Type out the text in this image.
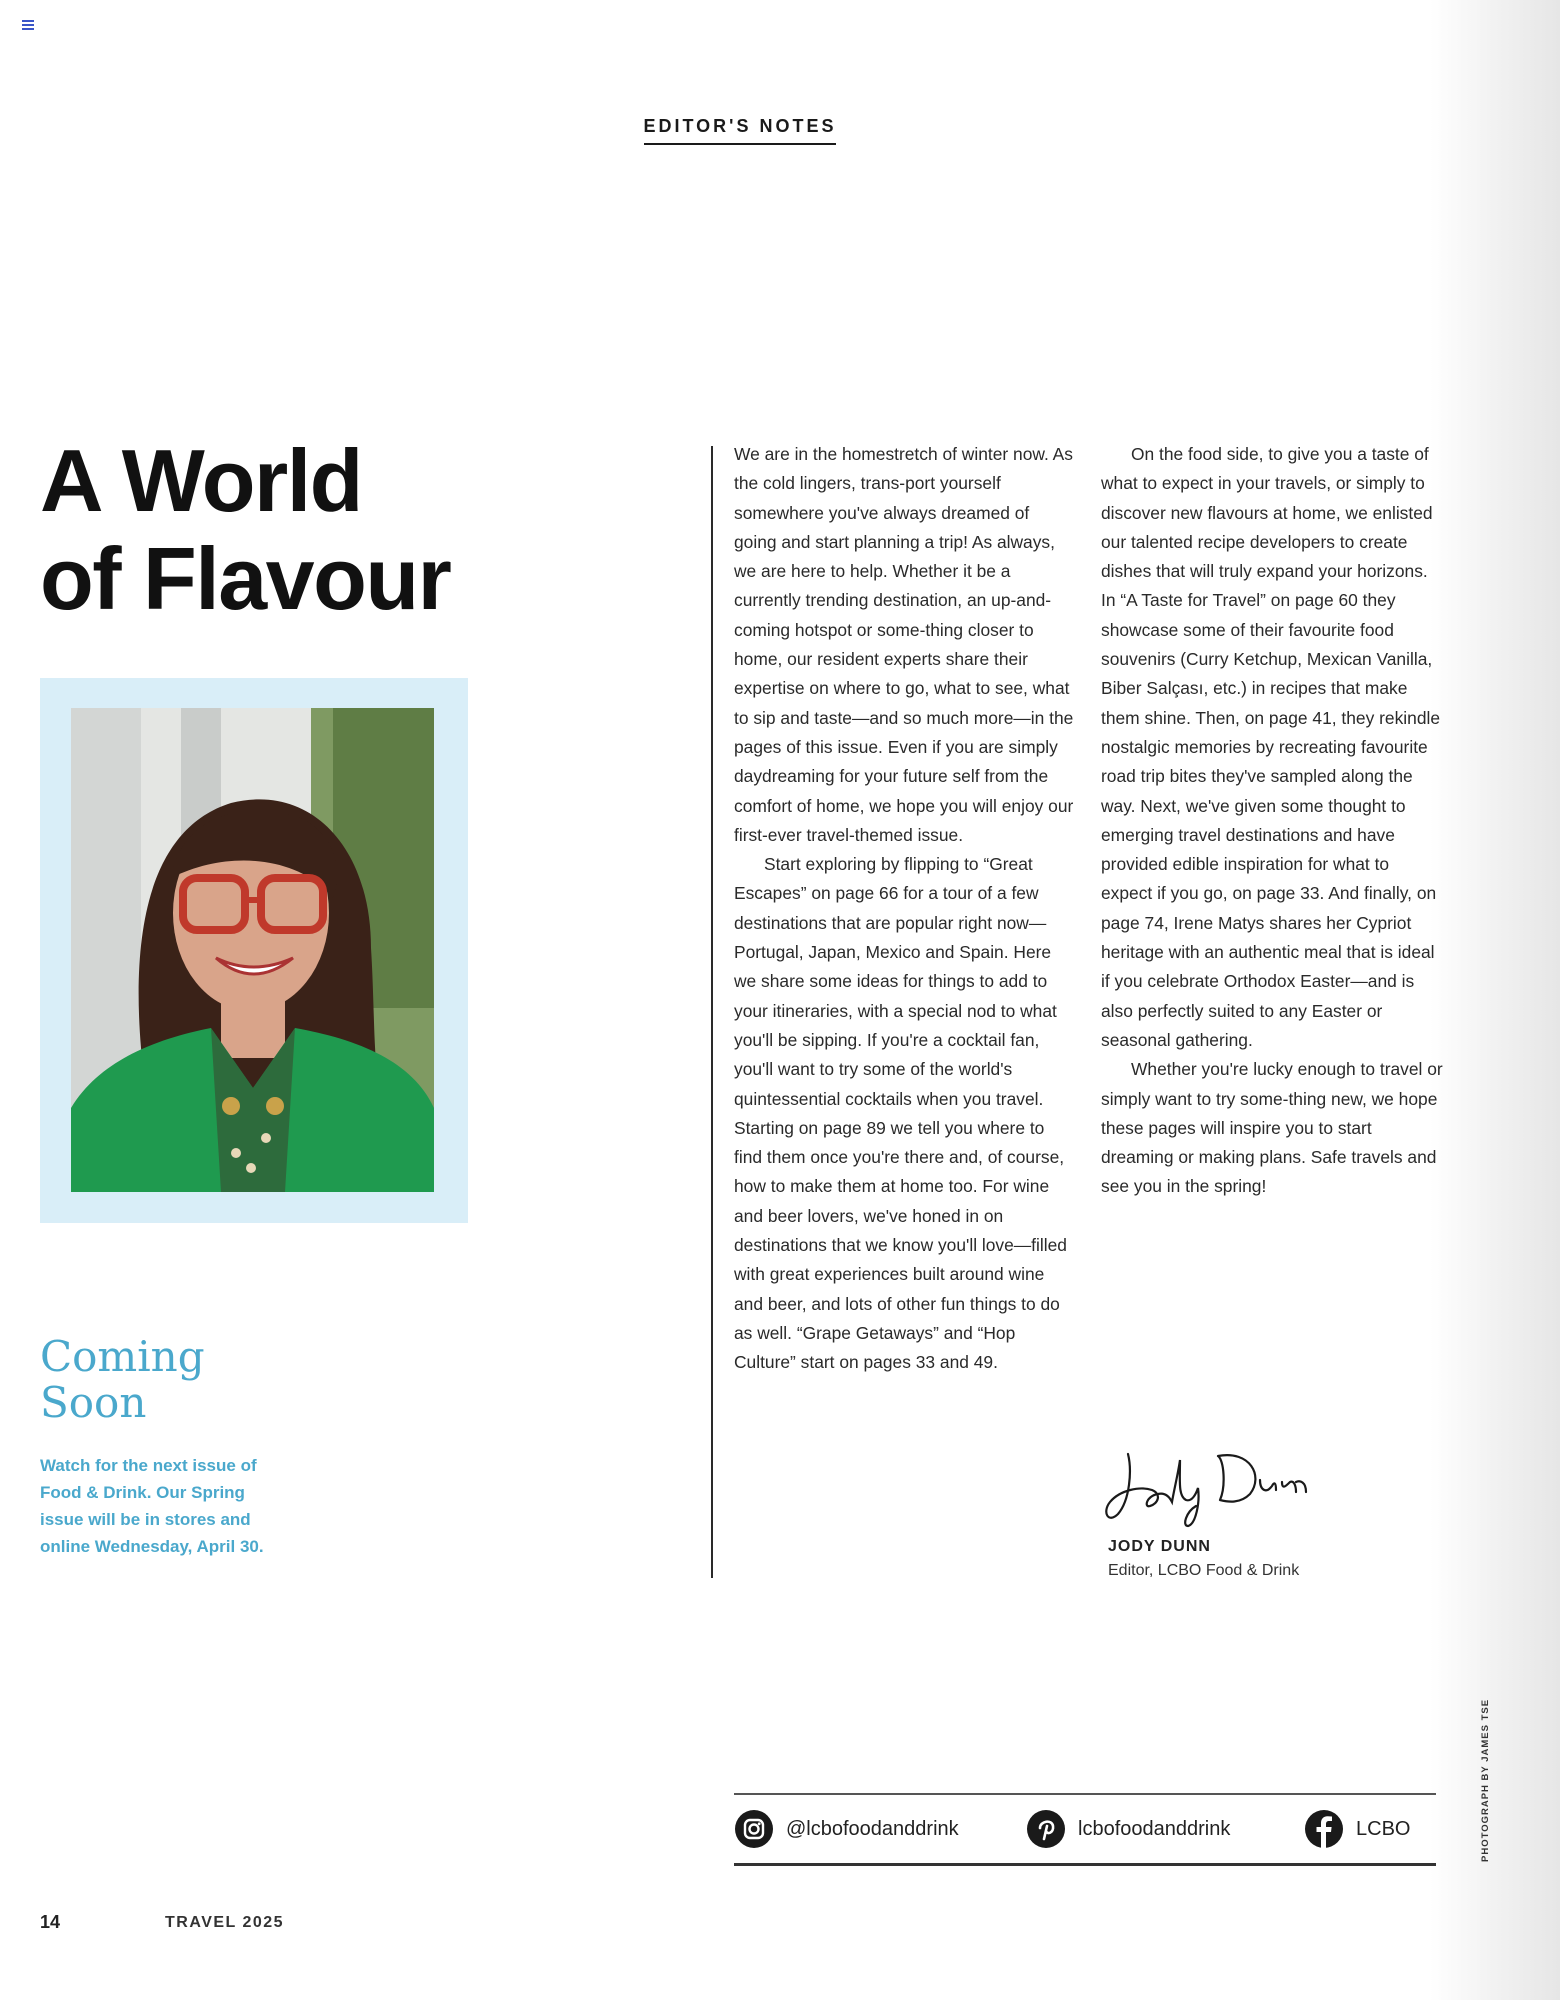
EDITOR'S NOTES
A World
of Flavour
Coming
Soon

Watch for the next issue of Food & Drink. Our Spring issue will be in stores and online Wednesday, April 30.

We are in the homestretch of winter now. As the cold lingers, trans-port yourself somewhere you've always dreamed of going and start planning a trip! As always, we are here to help. Whether it be a currently trending destination, an up-and-coming hotspot or some-thing closer to home, our resident experts share their expertise on where to go, what to see, what to sip and taste—and so much more—in the pages of this issue. Even if you are simply daydreaming for your future self from the comfort of home, we hope you will enjoy our first-ever travel-themed issue.

Start exploring by flipping to “Great Escapes” on page 66 for a tour of a few destinations that are popular right now—Portugal, Japan, Mexico and Spain. Here we share some ideas for things to add to your itineraries, with a special nod to what you'll be sipping. If you're a cocktail fan, you'll want to try some of the world's quintessential cocktails when you travel. Starting on page 89 we tell you where to find them once you're there and, of course, how to make them at home too. For wine and beer lovers, we've honed in on destinations that we know you'll love—filled with great experiences built around wine and beer, and lots of other fun things to do as well. “Grape Getaways” and “Hop Culture” start on pages 33 and 49.

On the food side, to give you a taste of what to expect in your travels, or simply to discover new flavours at home, we enlisted our talented recipe developers to create dishes that will truly expand your horizons. In “A Taste for Travel” on page 60 they showcase some of their favourite food souvenirs (Curry Ketchup, Mexican Vanilla, Biber Salçası, etc.) in recipes that make them shine. Then, on page 41, they rekindle nostalgic memories by recreating favourite road trip bites they've sampled along the way. Next, we've given some thought to emerging travel destinations and have provided edible inspiration for what to expect if you go, on page 33. And finally, on page 74, Irene Matys shares her Cypriot heritage with an authentic meal that is ideal if you celebrate Orthodox Easter—and is also perfectly suited to any Easter or seasonal gathering.

Whether you're lucky enough to travel or simply want to try some-thing new, we hope these pages will inspire you to start dreaming or making plans. Safe travels and see you in the spring!

JODY DUNN
Editor, LCBO Food & Drink
@lcbofoodanddrink	lcbofoodanddrink	LCBO	PHOTOGRAPH BY JAMES TSE
14	TRAVEL 2025
